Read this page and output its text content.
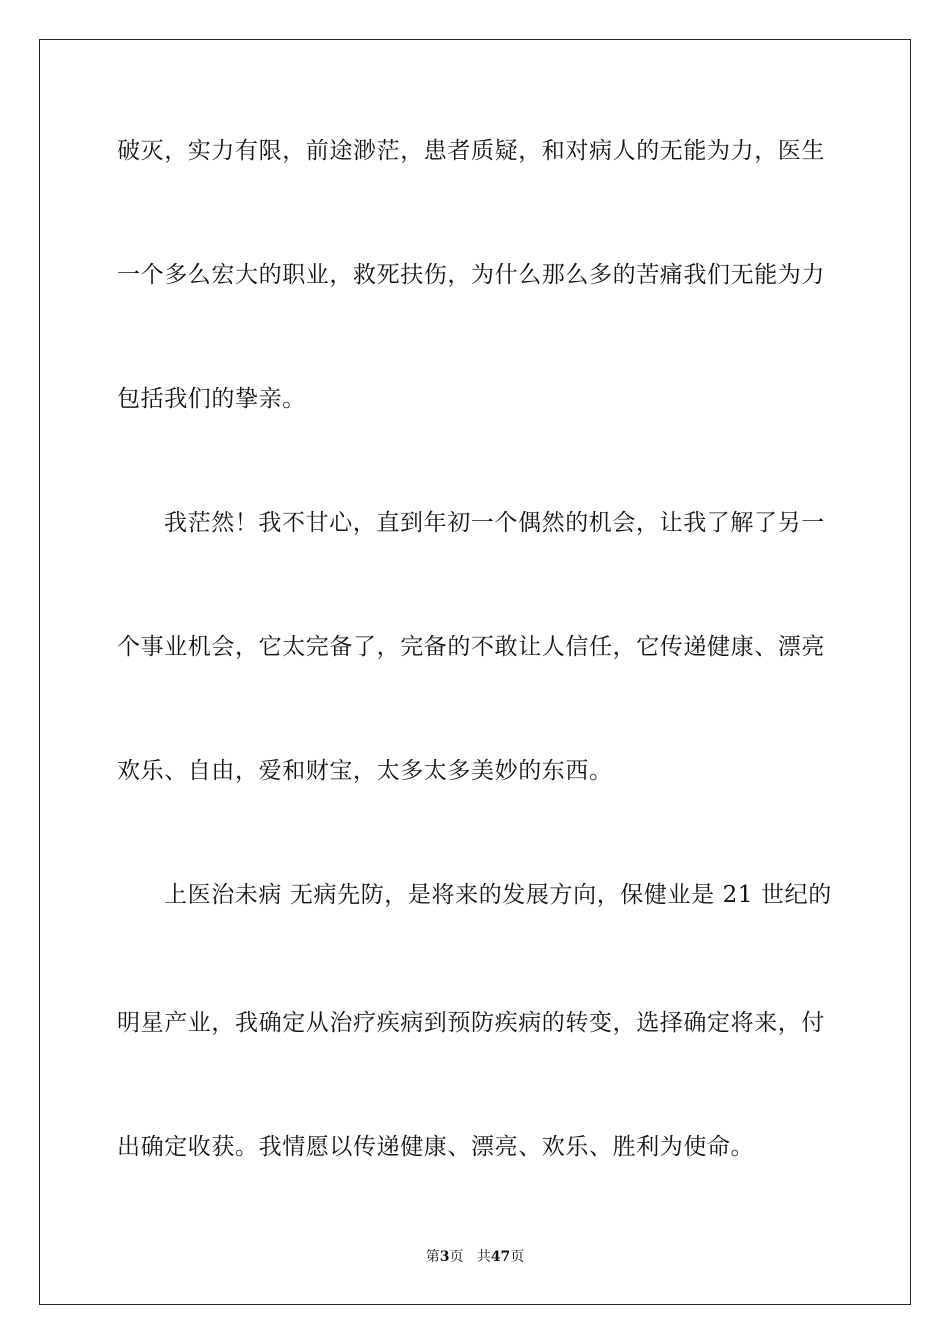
破灭，实力有限，前途渺茫，患者质疑，和对病人的无能为力，医生
一个多么宏大的职业，救死扶伤，为什么那么多的苦痛我们无能为力
包括我们的挚亲。
我茫然！我不甘心，直到年初一个偶然的机会，让我了解了另一
个事业机会，它太完备了，完备的不敢让人信任，它传递健康、漂亮
欢乐、自由，爱和财宝，太多太多美妙的东西。
上医治未病 无病先防，是将来的发展方向，保健业是 21 世纪的
明星产业，我确定从治疗疾病到预防疾病的转变，选择确定将来，付
出确定收获。我情愿以传递健康、漂亮、欢乐、胜利为使命。
第3页 共47页
